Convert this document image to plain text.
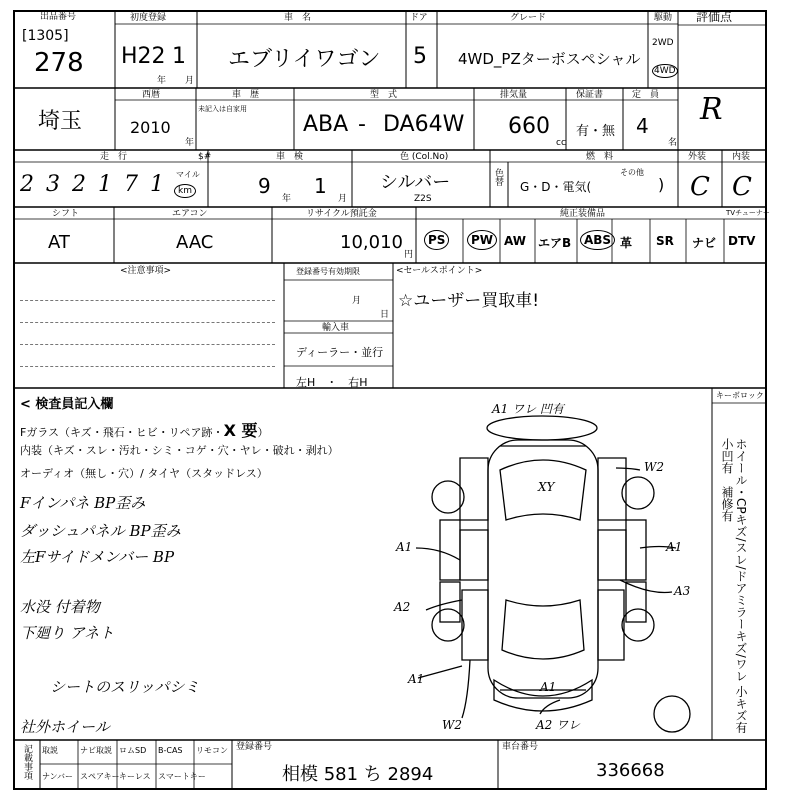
出品番号
[1305]
278
初度登録
H22 1
年 月
車　名
エブリイワゴン
ドア
5
グレード
4WD_PZターボスペシャル
駆動
2WD
4WD
評価点
R
埼玉
西暦
2010
年
車　歴
未記入は自家用
型　式
ABA - DA64W
排気量
660
cc
保証書
有・無
定　員
4
名
走　行	$#
2 3 2 1 7 1 マイル
km
車　検
9
年
1
月
色 (Col.No)
シルバー
Z2S
色替
燃　料
G・D・電気(
その他
)
外装
C
内装
C
シフト
AT
エアコン
AAC
リサイクル預託金
10,010
円
純正装備品	TVチューナー
PS	PW AW エアB	ABS 革 SR ナビ DTV
<注意事項>	登録番号有効期限
月
日
輸入車
ディーラー・並行
左H　・　右H
<セールスポイント>
☆ユーザー買取車!
< 検査員記入欄
Fガラス（キズ・飛石・ヒビ・リペア跡・X 要）
内装（キズ・スレ・汚れ・シミ・コゲ・穴・ヤレ・破れ・剥れ）
オーディオ（無し・穴）/ タイヤ（スタッドレス）
Fインパネ BP歪み
ダッシュパネル BP歪み
左Fサイドメンバー BP
水没 付着物
下廻り アネト
シートのスリッパシミ
社外ホイール	ホイール・CPキズ/スレ/ドアミラーキズ/ワレ 小キズ有　小凹有　補修有
キーボロック
A1 ワレ 凹有
XY
W2
A1	A1
A2
A3
A1
W2
A1
A2 ワレ
記載事項 取説	ナビ取説 ロムSD B-CAS リモコン
ナンバー スペアキー キーレス スマートキー
登録番号
相模 581 ち 2894
車台番号
336668
